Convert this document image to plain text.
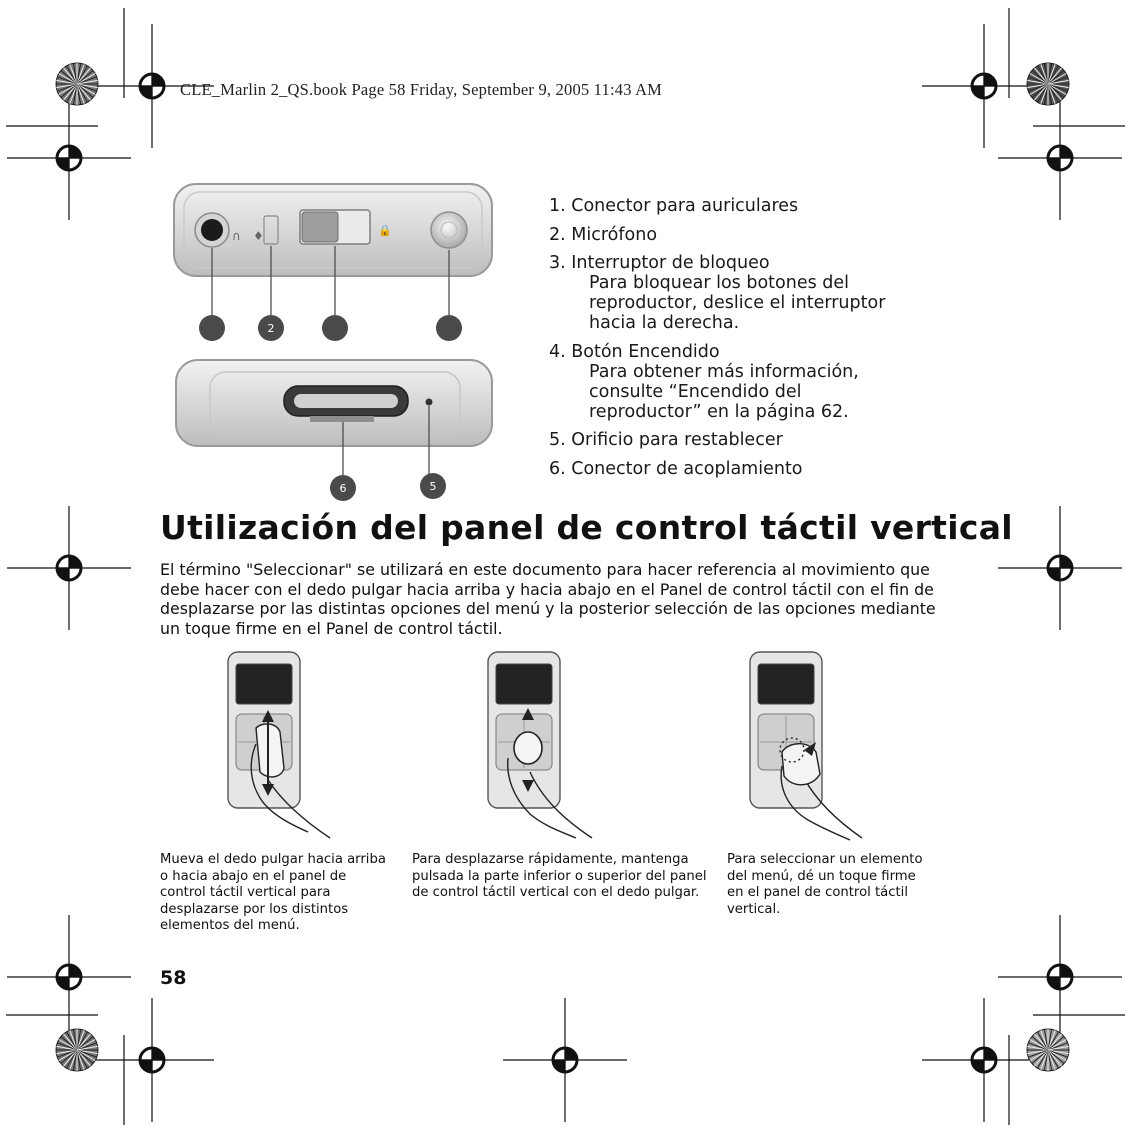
CLE_Marlin 2_QS.book Page 58 Friday, September 9, 2005 11:43 AM
∩ ♦	🔒
2
6	5
1. Conector para auriculares
2. Micrófono
3. Interruptor de bloqueo
Para bloquear los botones del
reproductor, deslice el interruptor
hacia la derecha.
4. Botón Encendido
Para obtener más información,
consulte “Encendido del
reproductor” en la página 62.
5. Orificio para restablecer
6. Conector de acoplamiento
Utilización del panel de control táctil vertical
El término "Seleccionar" se utilizará en este documento para hacer referencia al movimiento que debe hacer con el dedo pulgar hacia arriba y hacia abajo en el Panel de control táctil con el fin de desplazarse por las distintas opciones del menú y la posterior selección de las opciones mediante un toque firme en el Panel de control táctil.
Mueva el dedo pulgar hacia arriba o hacia abajo en el panel de control táctil vertical para desplazarse por los distintos elementos del menú.
Para desplazarse rápidamente, mantenga pulsada la parte inferior o superior del panel de control táctil vertical con el dedo pulgar.
Para seleccionar un elemento del menú, dé un toque firme en el panel de control táctil vertical.
58
